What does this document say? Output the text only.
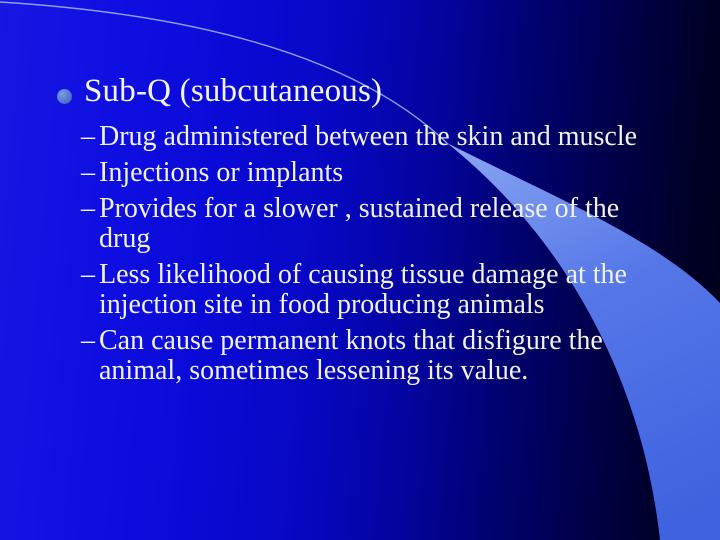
Sub-Q (subcutaneous)
– Drug administered between the skin and muscle
– Injections or implants
– Provides for a slower , sustained release of the drug
– Less likelihood of causing tissue damage at the injection site in food producing animals
– Can cause permanent knots that disfigure the animal, sometimes lessening its value.
